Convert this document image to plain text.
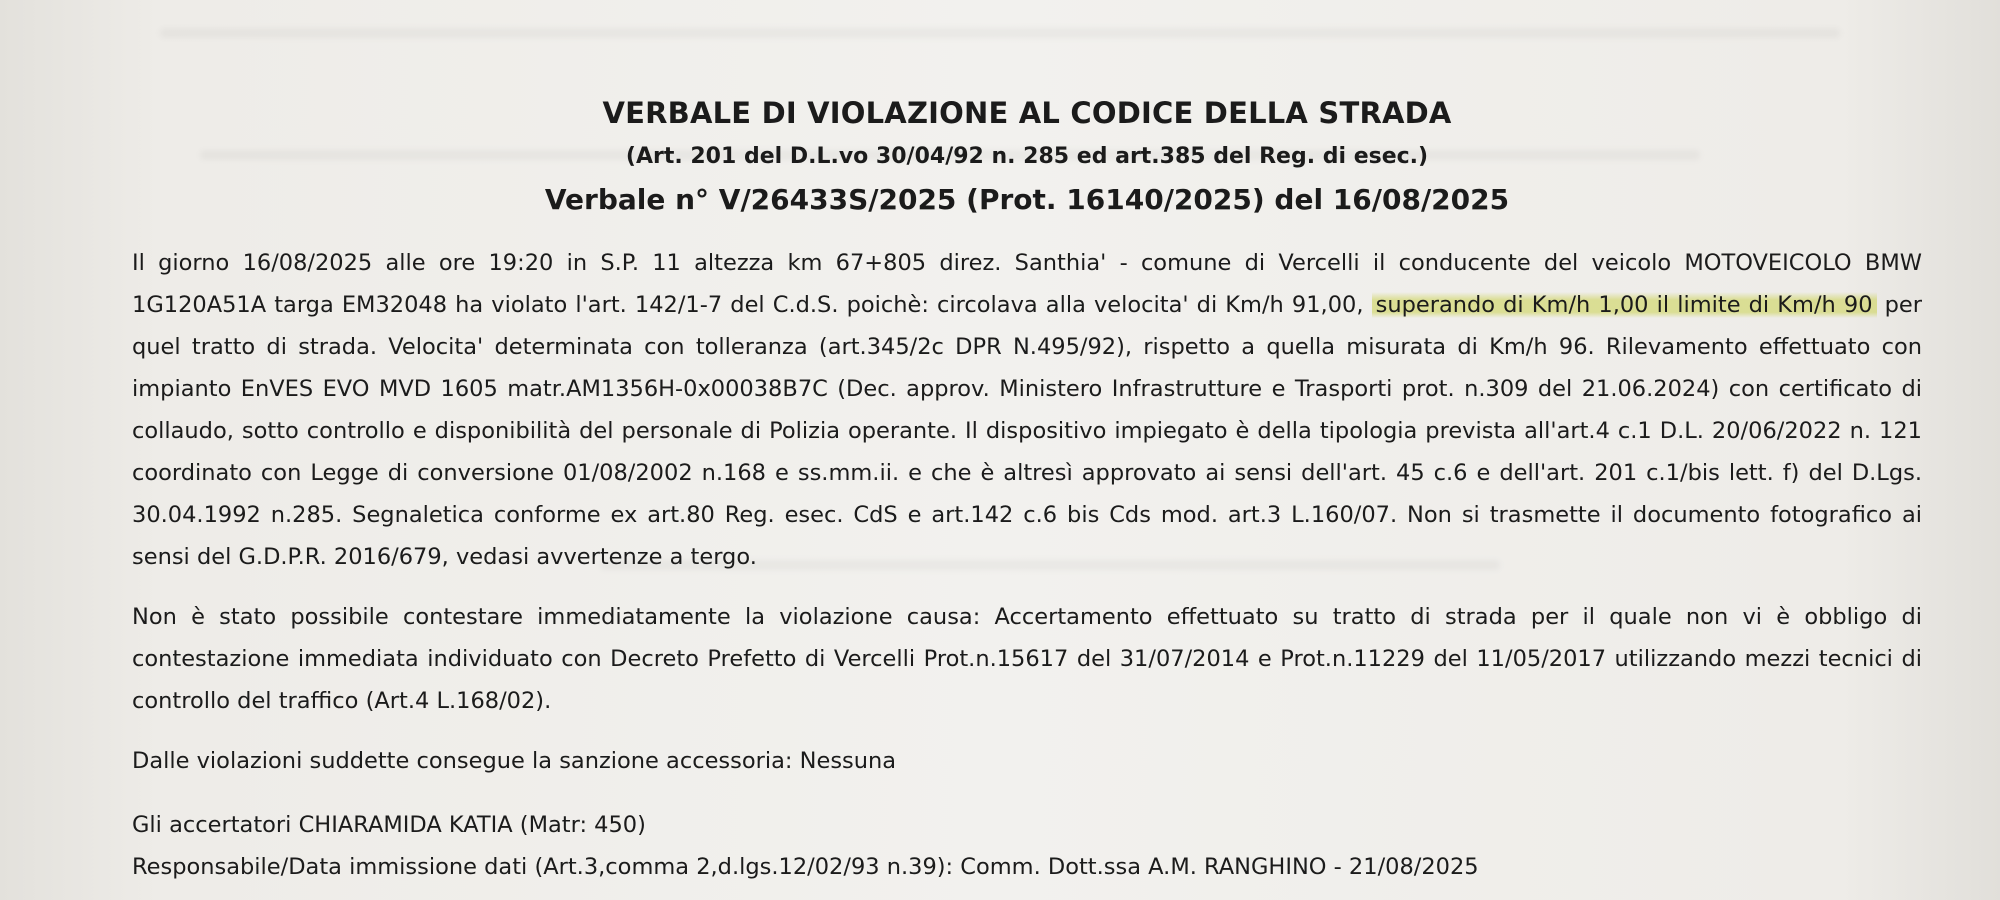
VERBALE DI VIOLAZIONE AL CODICE DELLA STRADA
(Art. 201 del D.L.vo 30/04/92 n. 285 ed art.385 del Reg. di esec.)
Verbale n° V/26433S/2025 (Prot. 16140/2025) del 16/08/2025

Il giorno 16/08/2025 alle ore 19:20 in S.P. 11 altezza km 67+805 direz. Santhia' - comune di Vercelli il conducente del veicolo MOTOVEICOLO BMW 1G120A51A targa EM32048 ha violato l'art. 142/1-7 del C.d.S. poichè: circolava alla velocita' di Km/h 91,00, superando di Km/h 1,00 il limite di Km/h 90 per quel tratto di strada. Velocita' determinata con tolleranza (art.345/2c DPR N.495/92), rispetto a quella misurata di Km/h 96. Rilevamento effettuato con impianto EnVES EVO MVD 1605 matr.AM1356H-0x00038B7C (Dec. approv. Ministero Infrastrutture e Trasporti prot. n.309 del 21.06.2024) con certificato di collaudo, sotto controllo e disponibilità del personale di Polizia operante. Il dispositivo impiegato è della tipologia prevista all'art.4 c.1 D.L. 20/06/2022 n. 121 coordinato con Legge di conversione 01/08/2002 n.168 e ss.mm.ii. e che è altresì approvato ai sensi dell'art. 45 c.6 e dell'art. 201 c.1/bis lett. f) del D.Lgs. 30.04.1992 n.285. Segnaletica conforme ex art.80 Reg. esec. CdS e art.142 c.6 bis Cds mod. art.3 L.160/07. Non si trasmette il documento fotografico ai sensi del G.D.P.R. 2016/679, vedasi avvertenze a tergo.

Non è stato possibile contestare immediatamente la violazione causa: Accertamento effettuato su tratto di strada per il quale non vi è obbligo di contestazione immediata individuato con Decreto Prefetto di Vercelli Prot.n.15617 del 31/07/2014 e Prot.n.11229 del 11/05/2017 utilizzando mezzi tecnici di controllo del traffico (Art.4 L.168/02).

Dalle violazioni suddette consegue la sanzione accessoria: Nessuna
Gli accertatori CHIARAMIDA KATIA (Matr: 450)
Responsabile/Data immissione dati (Art.3,comma 2,d.lgs.12/02/93 n.39): Comm. Dott.ssa A.M. RANGHINO - 21/08/2025
